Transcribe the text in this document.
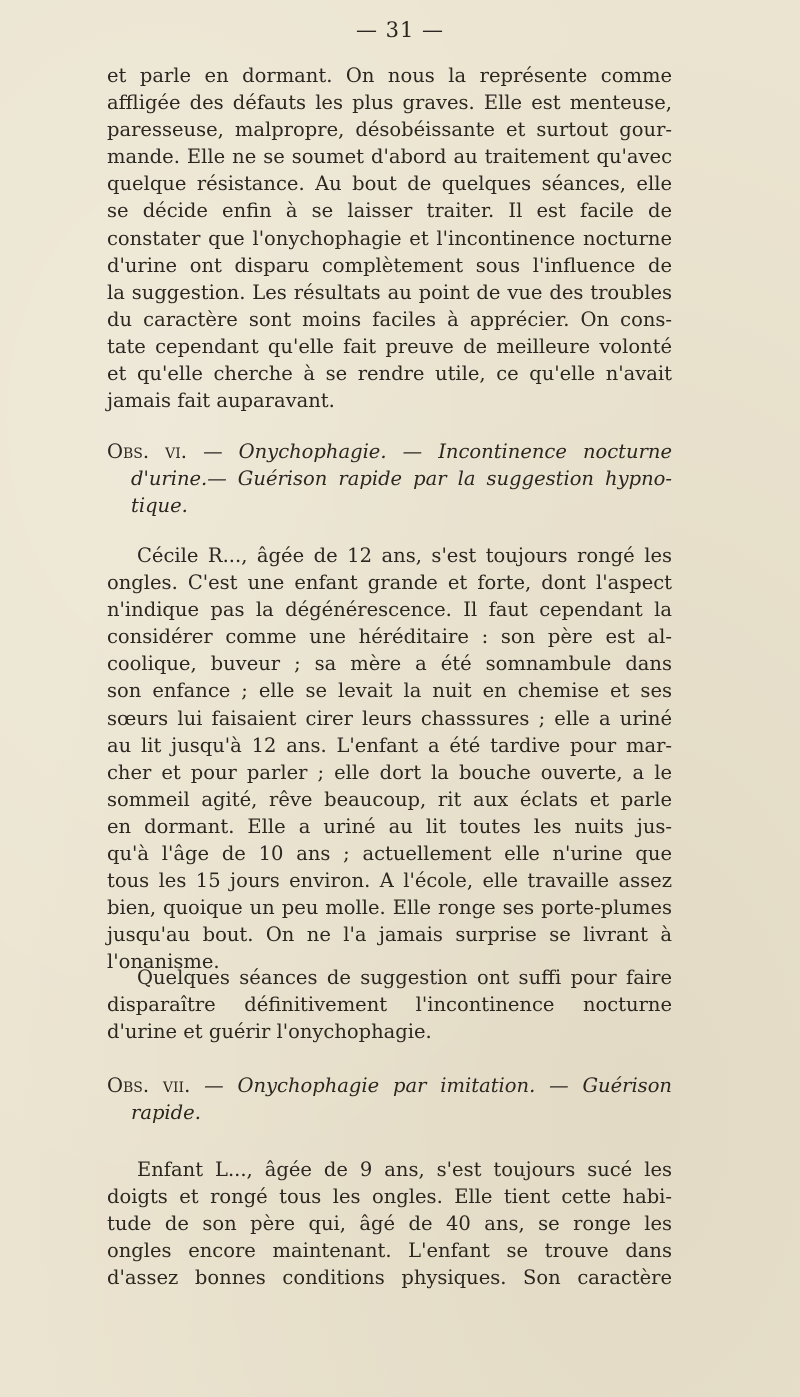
— 31 —
et parle en dormant. On nous la représente comme
affligée des défauts les plus graves. Elle est menteuse,
paresseuse, malpropre, désobéissante et surtout gour-
mande. Elle ne se soumet d'abord au traitement qu'avec
quelque résistance. Au bout de quelques séances, elle
se décide enfin à se laisser traiter. Il est facile de
constater que l'onychophagie et l'incontinence nocturne
d'urine ont disparu complètement sous l'influence de
la suggestion. Les résultats au point de vue des troubles
du caractère sont moins faciles à apprécier. On cons-
tate cependant qu'elle fait preuve de meilleure volonté
et qu'elle cherche à se rendre utile, ce qu'elle n'avait
jamais fait auparavant.
Obs. vi. — Onychophagie. — Incontinence nocturne
d'urine.— Guérison rapide par la suggestion hypno-
tique.
Cécile R..., âgée de 12 ans, s'est toujours rongé les
ongles. C'est une enfant grande et forte, dont l'aspect
n'indique pas la dégénérescence. Il faut cependant la
considérer comme une héréditaire : son père est al-
coolique, buveur ; sa mère a été somnambule dans
son enfance ; elle se levait la nuit en chemise et ses
sœurs lui faisaient cirer leurs chasssures ; elle a uriné
au lit jusqu'à 12 ans. L'enfant a été tardive pour mar-
cher et pour parler ; elle dort la bouche ouverte, a le
sommeil agité, rêve beaucoup, rit aux éclats et parle
en dormant. Elle a uriné au lit toutes les nuits jus-
qu'à l'âge de 10 ans ; actuellement elle n'urine que
tous les 15 jours environ. A l'école, elle travaille assez
bien, quoique un peu molle. Elle ronge ses porte-plumes
jusqu'au bout. On ne l'a jamais surprise se livrant à
l'onanisme.
Quelques séances de suggestion ont suffi pour faire
disparaître définitivement l'incontinence nocturne
d'urine et guérir l'onychophagie.
Obs. vii. — Onychophagie par imitation. — Guérison
rapide.
Enfant L..., âgée de 9 ans, s'est toujours sucé les
doigts et rongé tous les ongles. Elle tient cette habi-
tude de son père qui, âgé de 40 ans, se ronge les
ongles encore maintenant. L'enfant se trouve dans
d'assez bonnes conditions physiques. Son caractère
